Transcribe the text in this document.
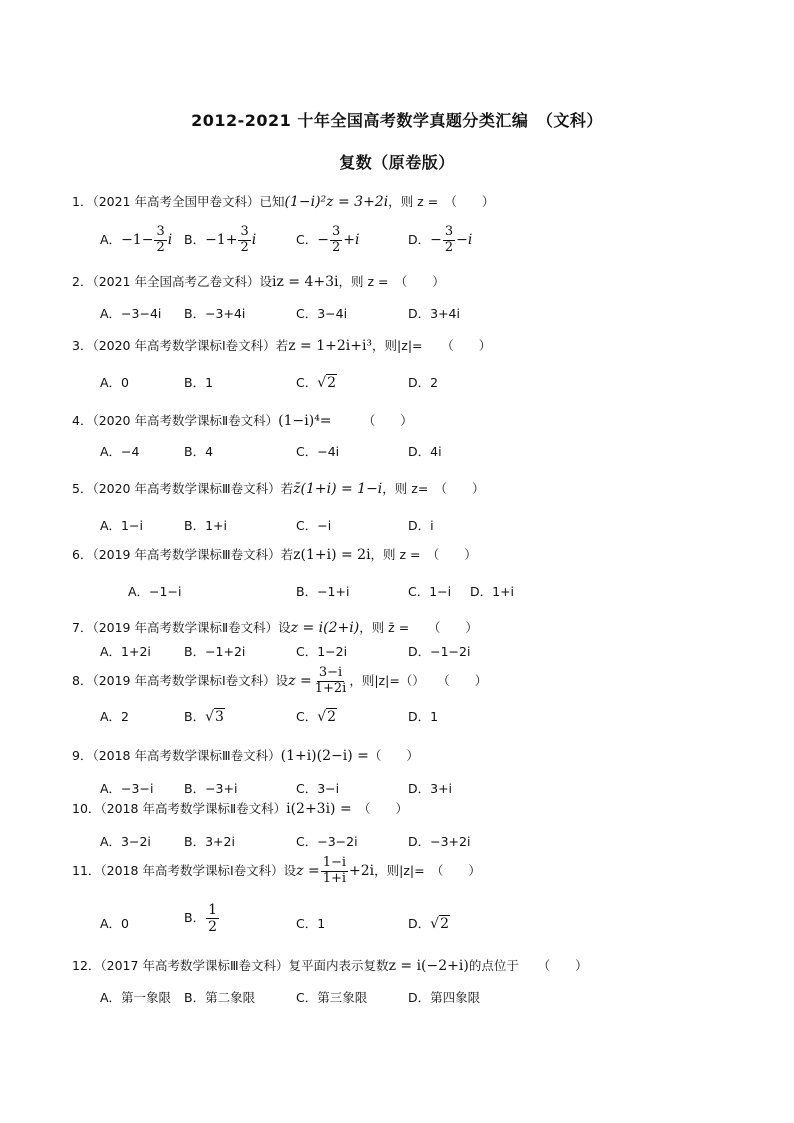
2012-2021 十年全国高考数学真题分类汇编　（文科）
复数（原卷版）
1．（2021 年高考全国甲卷文科）已知(1−i)²z = 3+2i，则 z =　（　　）
A．$-1- \frac{3}{2}$ i B．$-1+ \frac{3}{2}$ i	C．− $\frac{3}{2} +i$	D．− $\frac{3}{2} -i$
2．（2021 年全国高考乙卷文科）设iz = 4+3i，则 z =　（　　）
A．−3−4i B．−3+4i	C．3−4i	D．3+4i
3．（2020 年高考数学课标Ⅰ卷文科）若z = 1+2i+i³，则|z|=　　（　　）
A．0	B．1	C．√2	D．2
4．（2020 年高考数学课标Ⅱ卷文科）(1−i)⁴=　　　（　　）
A．−4	B．4	C．−4i	D．4i
5．（2020 年高考数学课标Ⅲ卷文科）若z̄(1+i) = 1−i，则 z=　（　　）
A．1−i	B．1+i	C．−i	D．i
6．（2019 年高考数学课标Ⅲ卷文科）若z(1+i) = 2i，则 z =　（　　）
A．−1−i	B．−1+i	C．1−i D．1+i
7．（2019 年高考数学课标Ⅱ卷文科）设z = i(2+i)，则 z̄ =　　（　　）
A．1+2i	B．−1+2i	C．1−2i	D．−1−2i
8．（2019 年高考数学课标Ⅰ卷文科）设$z = \frac{3-i}{1+2i}$ ，则|z|=（）　　（　　）
A．2	B．√3	C．√2	D．1
9．（2018 年高考数学课标Ⅲ卷文科）(1+i)(2−i) =（　　）
A．−3−i B．−3+i	C．3−i	D．3+i
10．（2018 年高考数学课标Ⅱ卷文科）i(2+3i) =　（　　）
A．3−2i	B．3+2i	C．−3−2i	D．−3+2i
11．（2018 年高考数学课标Ⅰ卷文科）设$z = \frac{1-i}{1+i} +2i$，则|z|=　（　　）
A．0	B． $\frac{1}{2}$	C．1	D．√2
12．（2017 年高考数学课标Ⅲ卷文科）复平面内表示复数z = i(−2+i)的点位于　　（　　）
A．第一象限 B．第二象限	C．第三象限	D．第四象限
